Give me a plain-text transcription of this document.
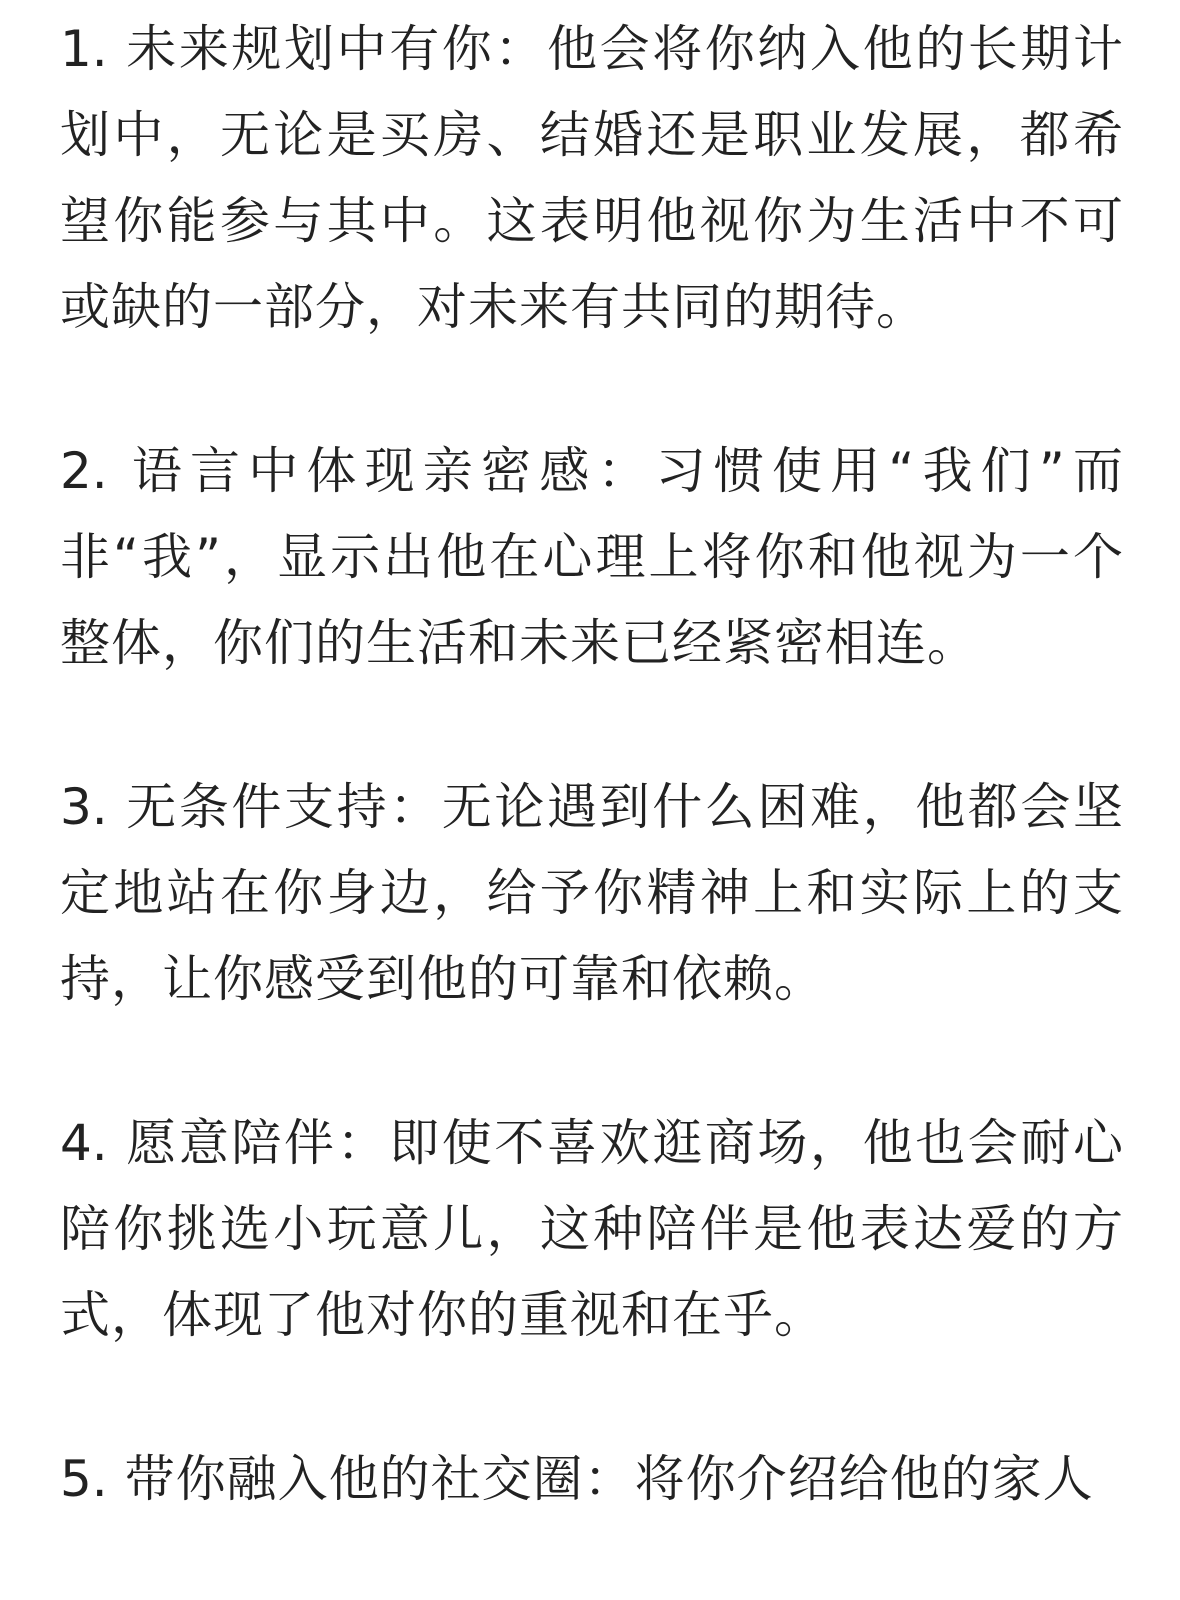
1. 未来规划中有你：他会将你纳入他的长期计划中，无论是买房、结婚还是职业发展，都希望你能参与其中。这表明他视你为生活中不可或缺的一部分，对未来有共同的期待。

2. 语言中体现亲密感：习惯使用“我们”而非“我”，显示出他在心理上将你和他视为一个整体，你们的生活和未来已经紧密相连。

3. 无条件支持：无论遇到什么困难，他都会坚定地站在你身边，给予你精神上和实际上的支持，让你感受到他的可靠和依赖。

4. 愿意陪伴：即使不喜欢逛商场，他也会耐心陪你挑选小玩意儿，这种陪伴是他表达爱的方式，体现了他对你的重视和在乎。

5. 带你融入他的社交圈：将你介绍给他的家人
